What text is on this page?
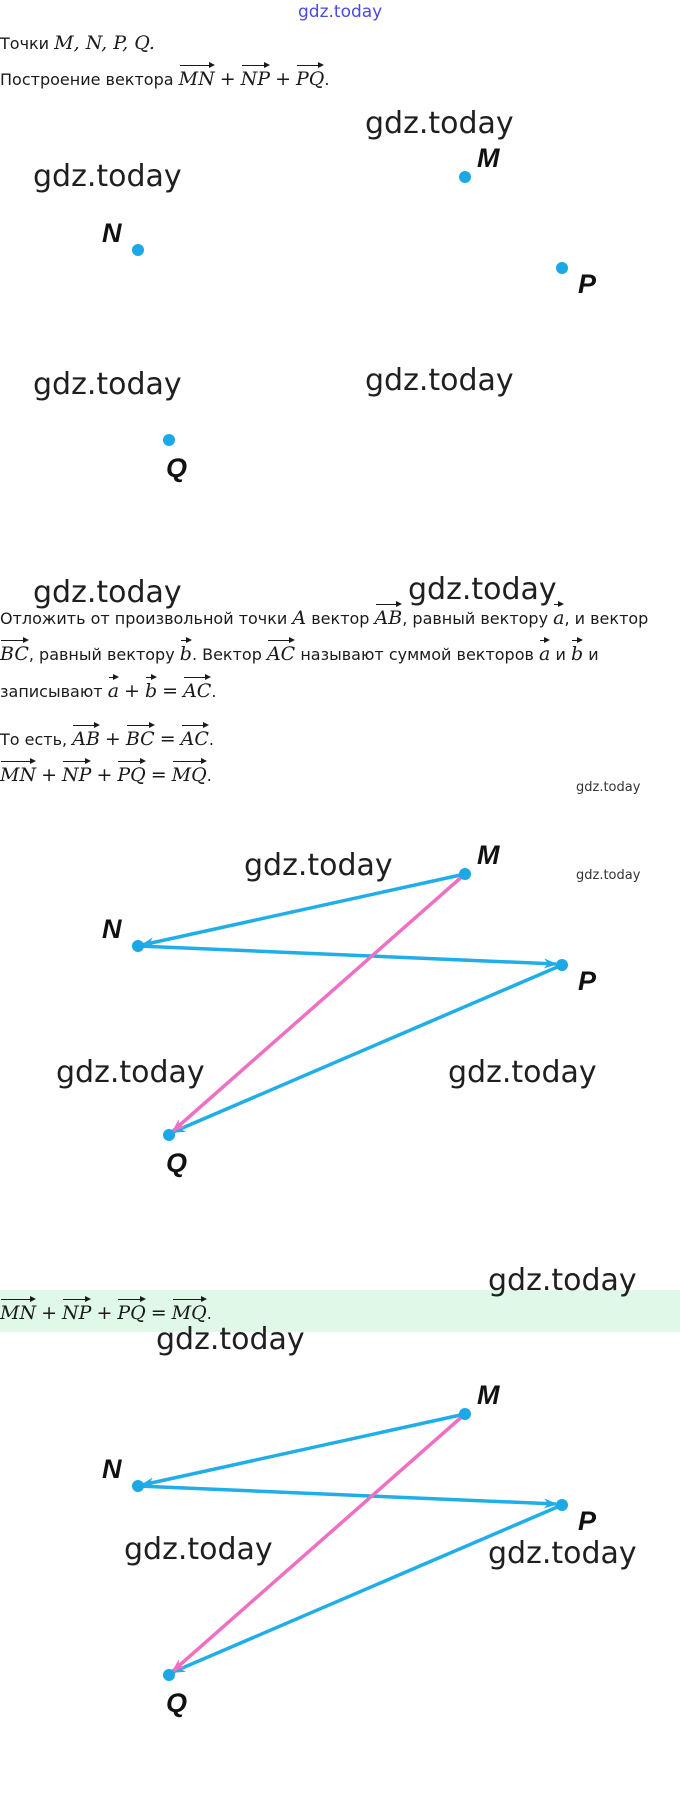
gdz.today
Точки M, N, P, Q.
Построение вектора MN + NP + PQ.
M
N
P
Q
gdz.today
gdz.today
gdz.today	gdz.today
gdz.today	gdz.today
Отложить от произвольной точки A вектор AB, равный вектору a, и вектор
BC, равный вектору b. Вектор AC называют суммой векторов a и b и
записывают a + b = AC.
То есть, AB + BC = AC.
MN + NP + PQ = MQ.
gdz.today
gdz.today
M
N
P
Q
gdz.today
gdz.today	gdz.today
gdz.today
MN + NP + PQ = MQ.
gdz.today
M
N
P
Q
gdz.today	gdz.today
